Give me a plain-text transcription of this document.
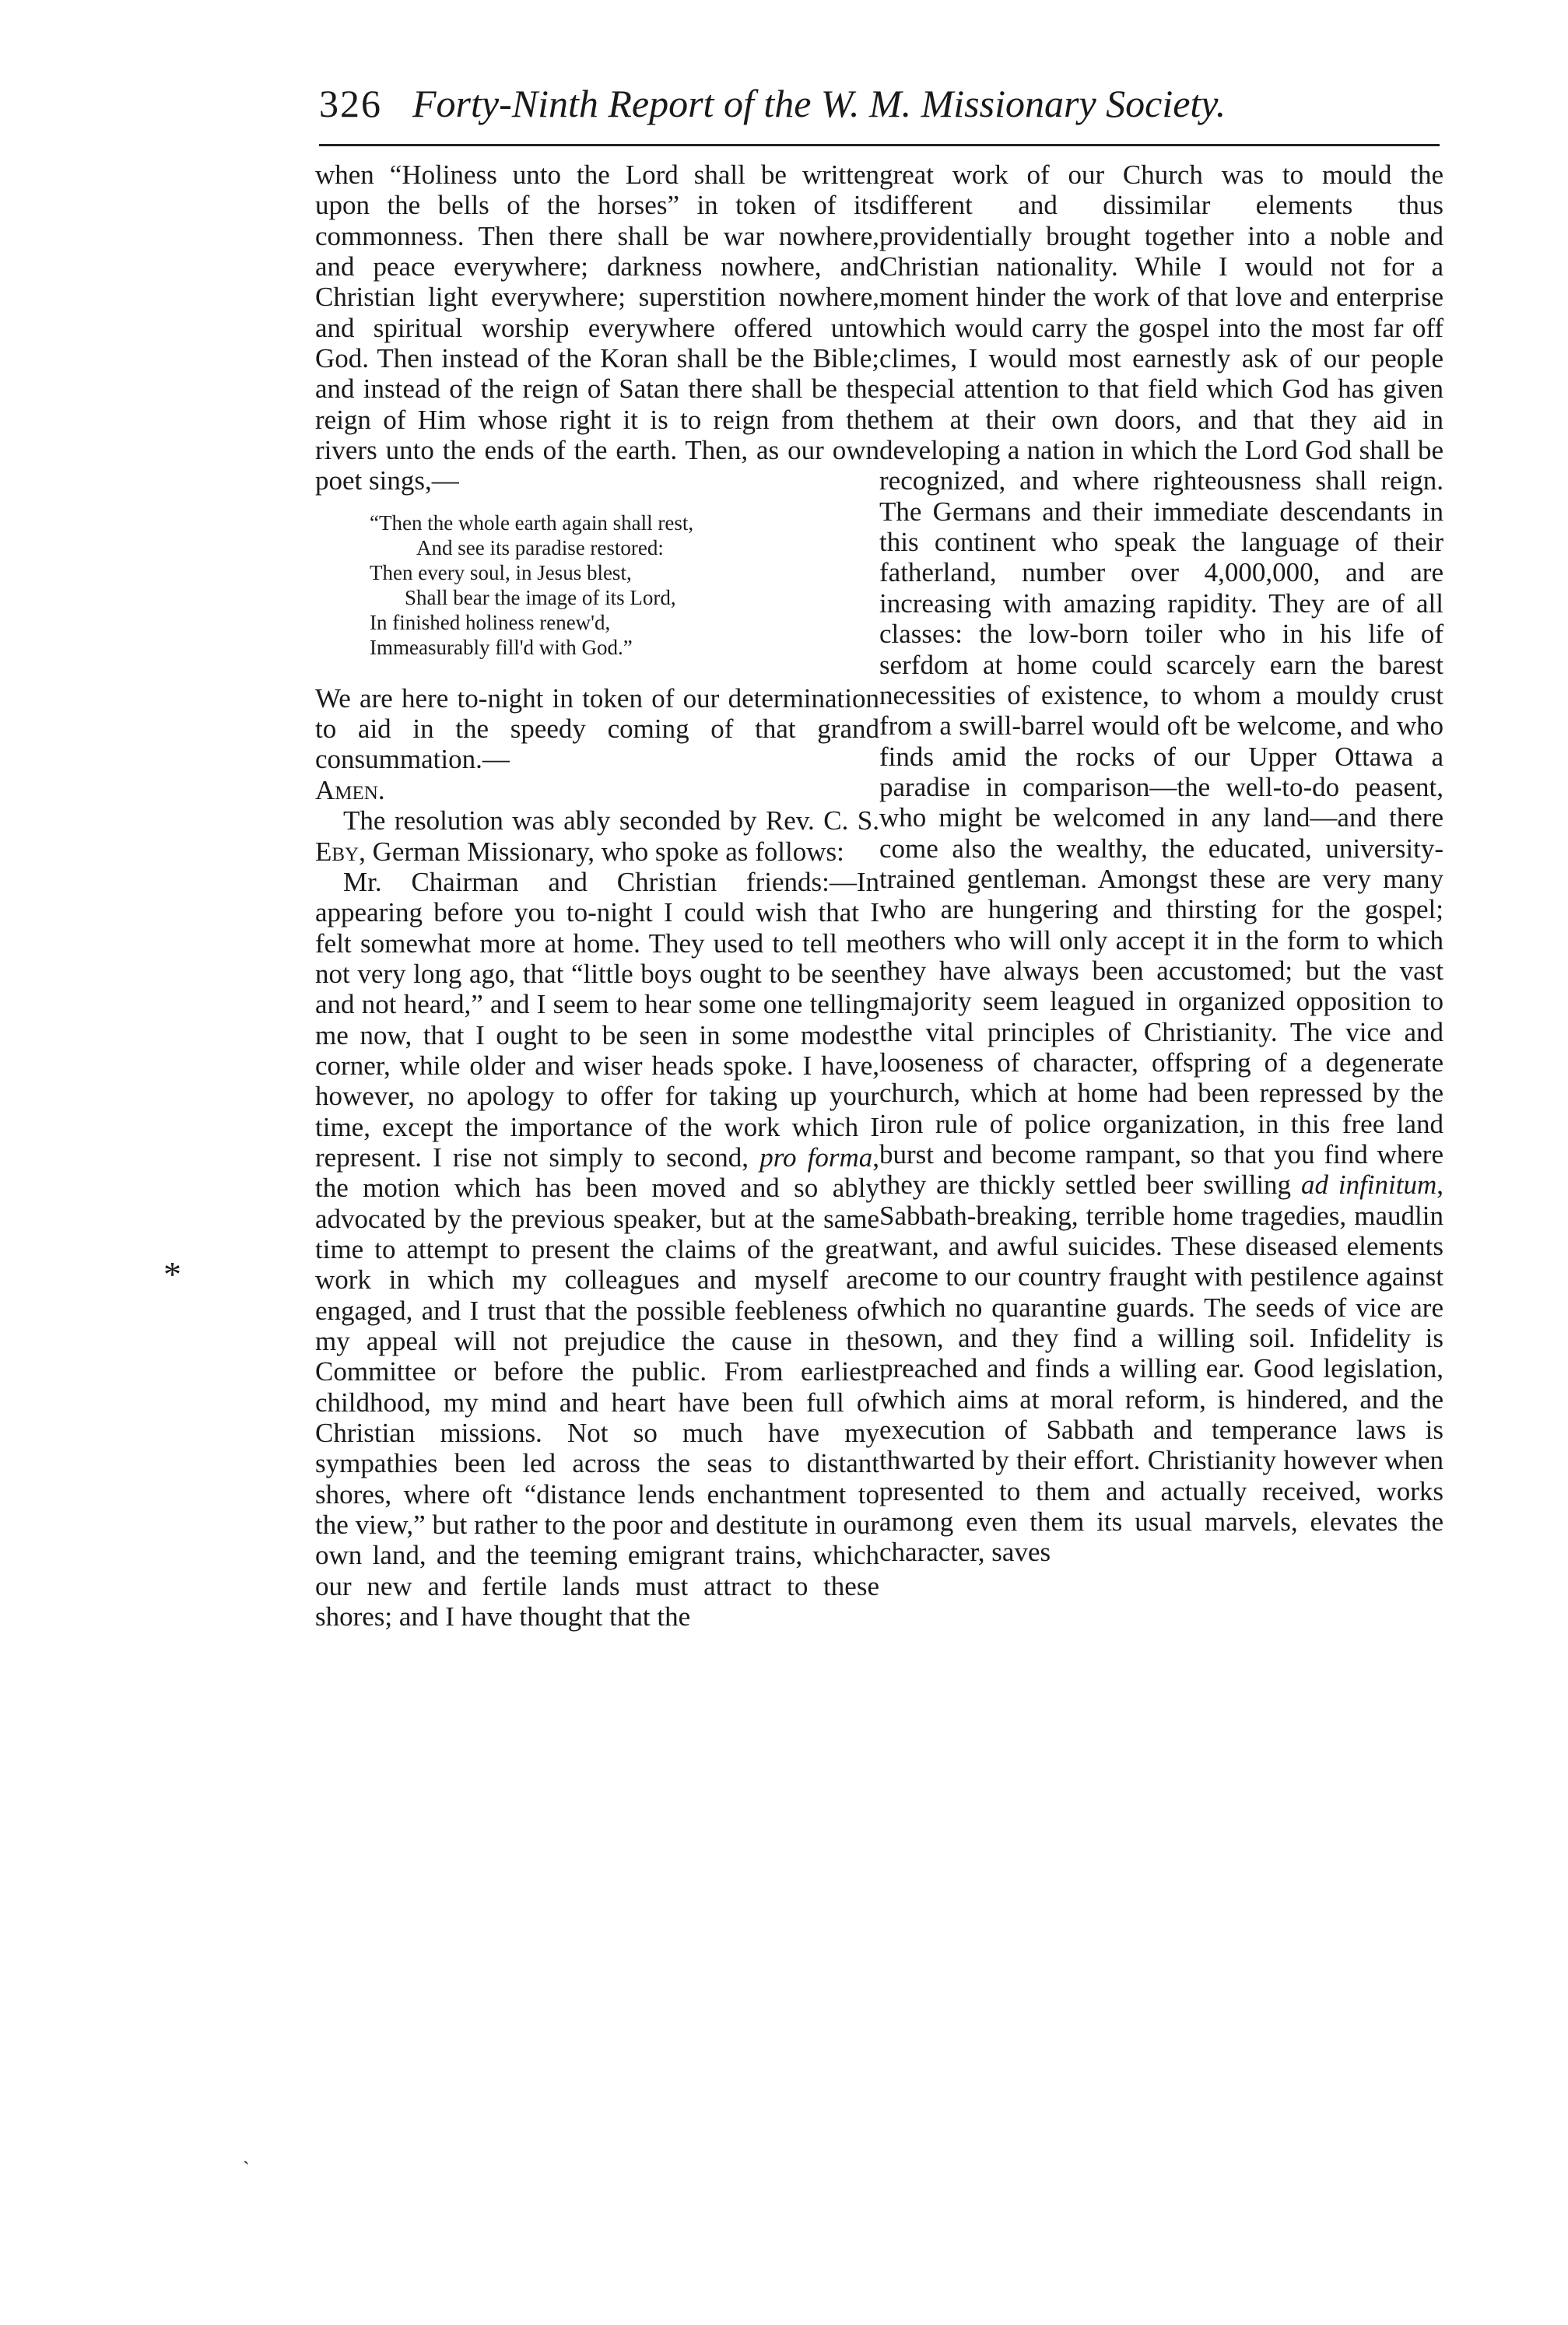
326 Forty-Ninth Report of the W. M. Missionary Society.
*
ˎ

when “Holiness unto the Lord shall be written upon the bells of the horses” in token of its commonness. Then there shall be war nowhere, and peace everywhere; darkness nowhere, and Christian light everywhere; superstition nowhere, and spiritual worship everywhere offered unto God. Then instead of the Koran shall be the Bible; and instead of the reign of Satan there shall be the reign of Him whose right it is to reign from the rivers unto the ends of the earth. Then, as our own poet sings,—

“Then the whole earth again shall rest,
And see its paradise restored:
Then every soul, in Jesus blest,
Shall bear the image of its Lord,
In finished holiness renew'd,
Immeasurably fill'd with God.”

We are here to-night in token of our determination to aid in the speedy coming of that grand consummation.—
Amen.

The resolution was ably seconded by Rev. C. S. Eby, German Missionary, who spoke as follows:

Mr. Chairman and Christian friends:—In appearing before you to-night I could wish that I felt somewhat more at home. They used to tell me not very long ago, that “little boys ought to be seen and not heard,” and I seem to hear some one telling me now, that I ought to be seen in some modest corner, while older and wiser heads spoke. I have, however, no apology to offer for taking up your time, except the importance of the work which I represent. I rise not simply to second, pro forma, the motion which has been moved and so ably advocated by the previous speaker, but at the same time to attempt to present the claims of the great work in which my colleagues and myself are engaged, and I trust that the possible feebleness of my appeal will not prejudice the cause in the Committee or before the public. From earliest childhood, my mind and heart have been full of Christian missions. Not so much have my sympathies been led across the seas to distant shores, where oft “distance lends enchantment to the view,” but rather to the poor and destitute in our own land, and the teeming emigrant trains, which our new and fertile lands must attract to these shores; and I have thought that the

great work of our Church was to mould the different and dissimilar elements thus providentially brought together into a noble and Christian nationality. While I would not for a moment hinder the work of that love and enterprise which would carry the gospel into the most far off climes, I would most earnestly ask of our people special attention to that field which God has given them at their own doors, and that they aid in developing a nation in which the Lord God shall be recognized, and where righteousness shall reign. The Germans and their immediate descendants in this continent who speak the language of their fatherland, number over 4,000,000, and are increasing with amazing rapidity. They are of all classes: the low-born toiler who in his life of serfdom at home could scarcely earn the barest necessities of existence, to whom a mouldy crust from a swill-barrel would oft be welcome, and who finds amid the rocks of our Upper Ottawa a paradise in comparison—the well-to-do peasent, who might be welcomed in any land—and there come also the wealthy, the educated, university-trained gentleman. Amongst these are very many who are hungering and thirsting for the gospel; others who will only accept it in the form to which they have always been accustomed; but the vast majority seem leagued in organized opposition to the vital principles of Christianity. The vice and looseness of character, offspring of a degenerate church, which at home had been repressed by the iron rule of police organization, in this free land burst and become rampant, so that you find where they are thickly settled beer swilling ad infinitum, Sabbath-breaking, terrible home tragedies, maudlin want, and awful suicides. These diseased elements come to our country fraught with pestilence against which no quarantine guards. The seeds of vice are sown, and they find a willing soil. Infidelity is preached and finds a willing ear. Good legislation, which aims at moral reform, is hindered, and the execution of Sabbath and temperance laws is thwarted by their effort. Christianity however when presented to them and actually received, works among even them its usual marvels, elevates the character, saves
